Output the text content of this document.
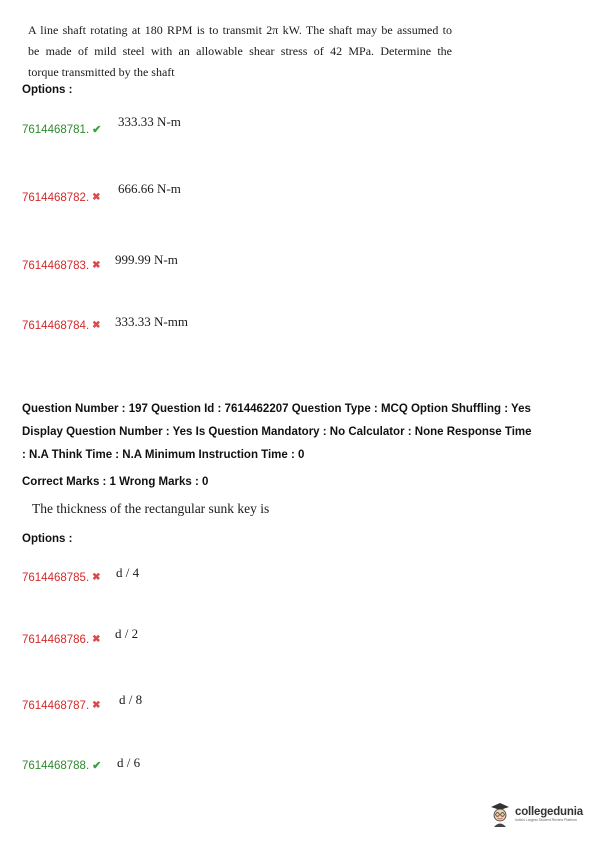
A line shaft rotating at 180 RPM is to transmit 2π kW. The shaft may be assumed to
be made of mild steel with an allowable shear stress of 42 MPa. Determine the
torque transmitted by the shaft
Options :
7614468781. ✔
333.33 N-m
7614468782. ✖
666.66 N-m
7614468783. ✖ 999.99 N-m
7614468784. ✖ 333.33 N-mm
Question Number : 197 Question Id : 7614462207 Question Type : MCQ Option Shuffling : Yes
Display Question Number : Yes Is Question Mandatory : No Calculator : None Response Time
: N.A Think Time : N.A Minimum Instruction Time : 0
Correct Marks : 1 Wrong Marks : 0
The thickness of the rectangular sunk key is
Options :
7614468785. ✖ d / 4
7614468786. ✖ d / 2
7614468787. ✖ d / 8
7614468788. ✔ d / 6
collegedunia
India's Largest Student Review Platform
